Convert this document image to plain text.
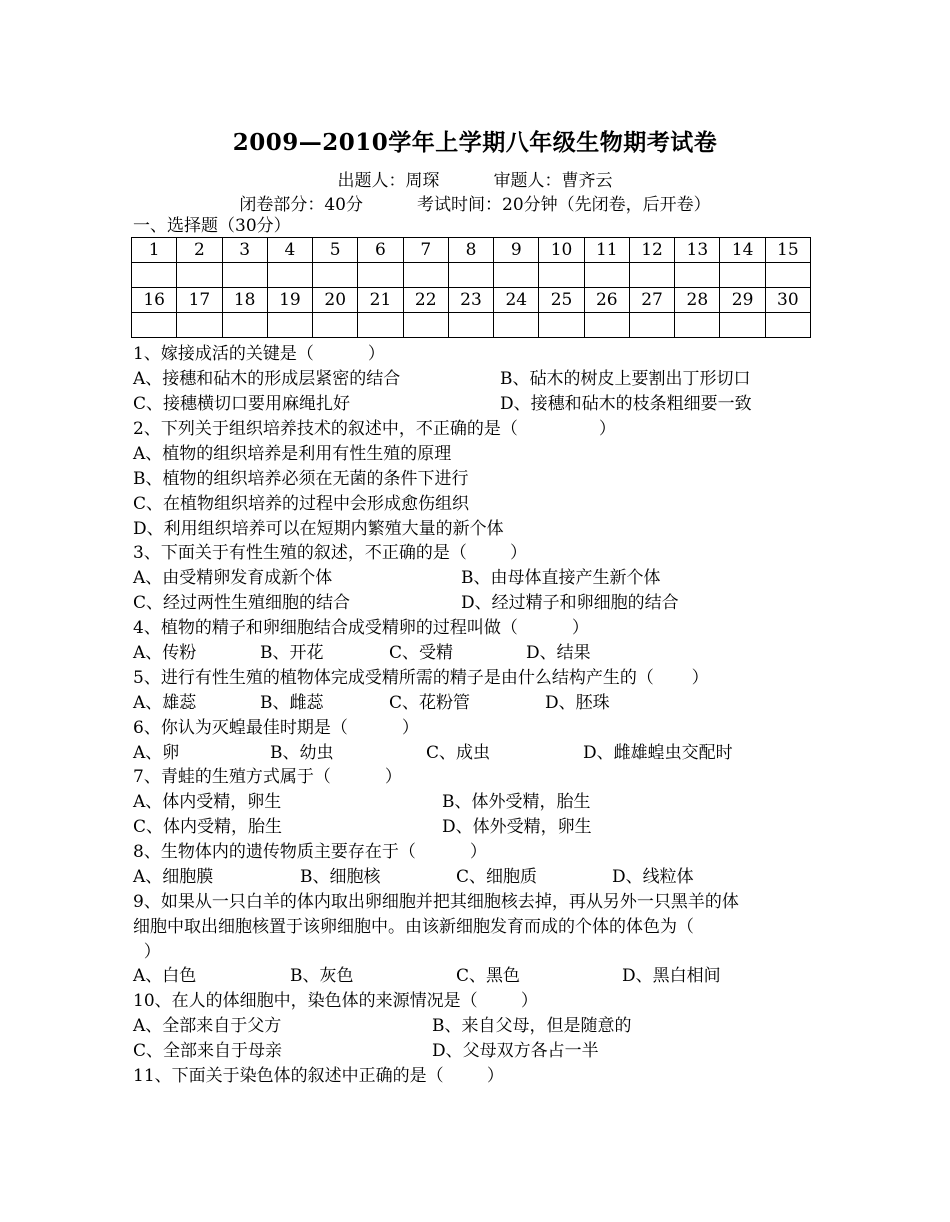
2009—2010学年上学期八年级生物期考试卷
出题人：周琛          审题人：曹齐云
闭卷部分：40分          考试时间：20分钟（先闭卷，后开卷）
一、选择题（30分）
1	2	3	4	5	6	7	8	9	10	11	12	13	14	15

16	17	18	19	20	21	22	23	24	25	26	27	28	29	30

1、嫁接成活的关键是（          ）
A、接穗和砧木的形成层紧密的结合	B、砧木的树皮上要割出丁形切口
C、接穗横切口要用麻绳扎好	D、接穗和砧木的枝条粗细要一致
2、下列关于组织培养技术的叙述中，不正确的是（               ）
A、植物的组织培养是利用有性生殖的原理
B、植物的组织培养必须在无菌的条件下进行
C、在植物组织培养的过程中会形成愈伤组织
D、利用组织培养可以在短期内繁殖大量的新个体
3、下面关于有性生殖的叙述，不正确的是（        ）
A、由受精卵发育成新个体	B、由母体直接产生新个体
C、经过两性生殖细胞的结合	D、经过精子和卵细胞的结合
4、植物的精子和卵细胞结合成受精卵的过程叫做（          ）
A、传粉	B、开花	C、受精	D、结果
5、进行有性生殖的植物体完成受精所需的精子是由什么结构产生的（       ）
A、雄蕊	B、雌蕊	C、花粉管	D、胚珠
6、你认为灭蝗最佳时期是（          ）
A、卵	B、幼虫	C、成虫	D、雌雄蝗虫交配时
7、青蛙的生殖方式属于（          ）
A、体内受精，卵生	B、体外受精，胎生
C、体内受精，胎生	D、体外受精，卵生
8、生物体内的遗传物质主要存在于（          ）
A、细胞膜	B、细胞核	C、细胞质	D、线粒体
9、如果从一只白羊的体内取出卵细胞并把其细胞核去掉，再从另外一只黑羊的体
细胞中取出细胞核置于该卵细胞中。由该新细胞发育而成的个体的体色为（
）
A、白色	B、灰色	C、黑色	D、黑白相间
10、在人的体细胞中，染色体的来源情况是（        ）
A、全部来自于父方	B、来自父母，但是随意的
C、全部来自于母亲	D、父母双方各占一半
11、下面关于染色体的叙述中正确的是（        ）
